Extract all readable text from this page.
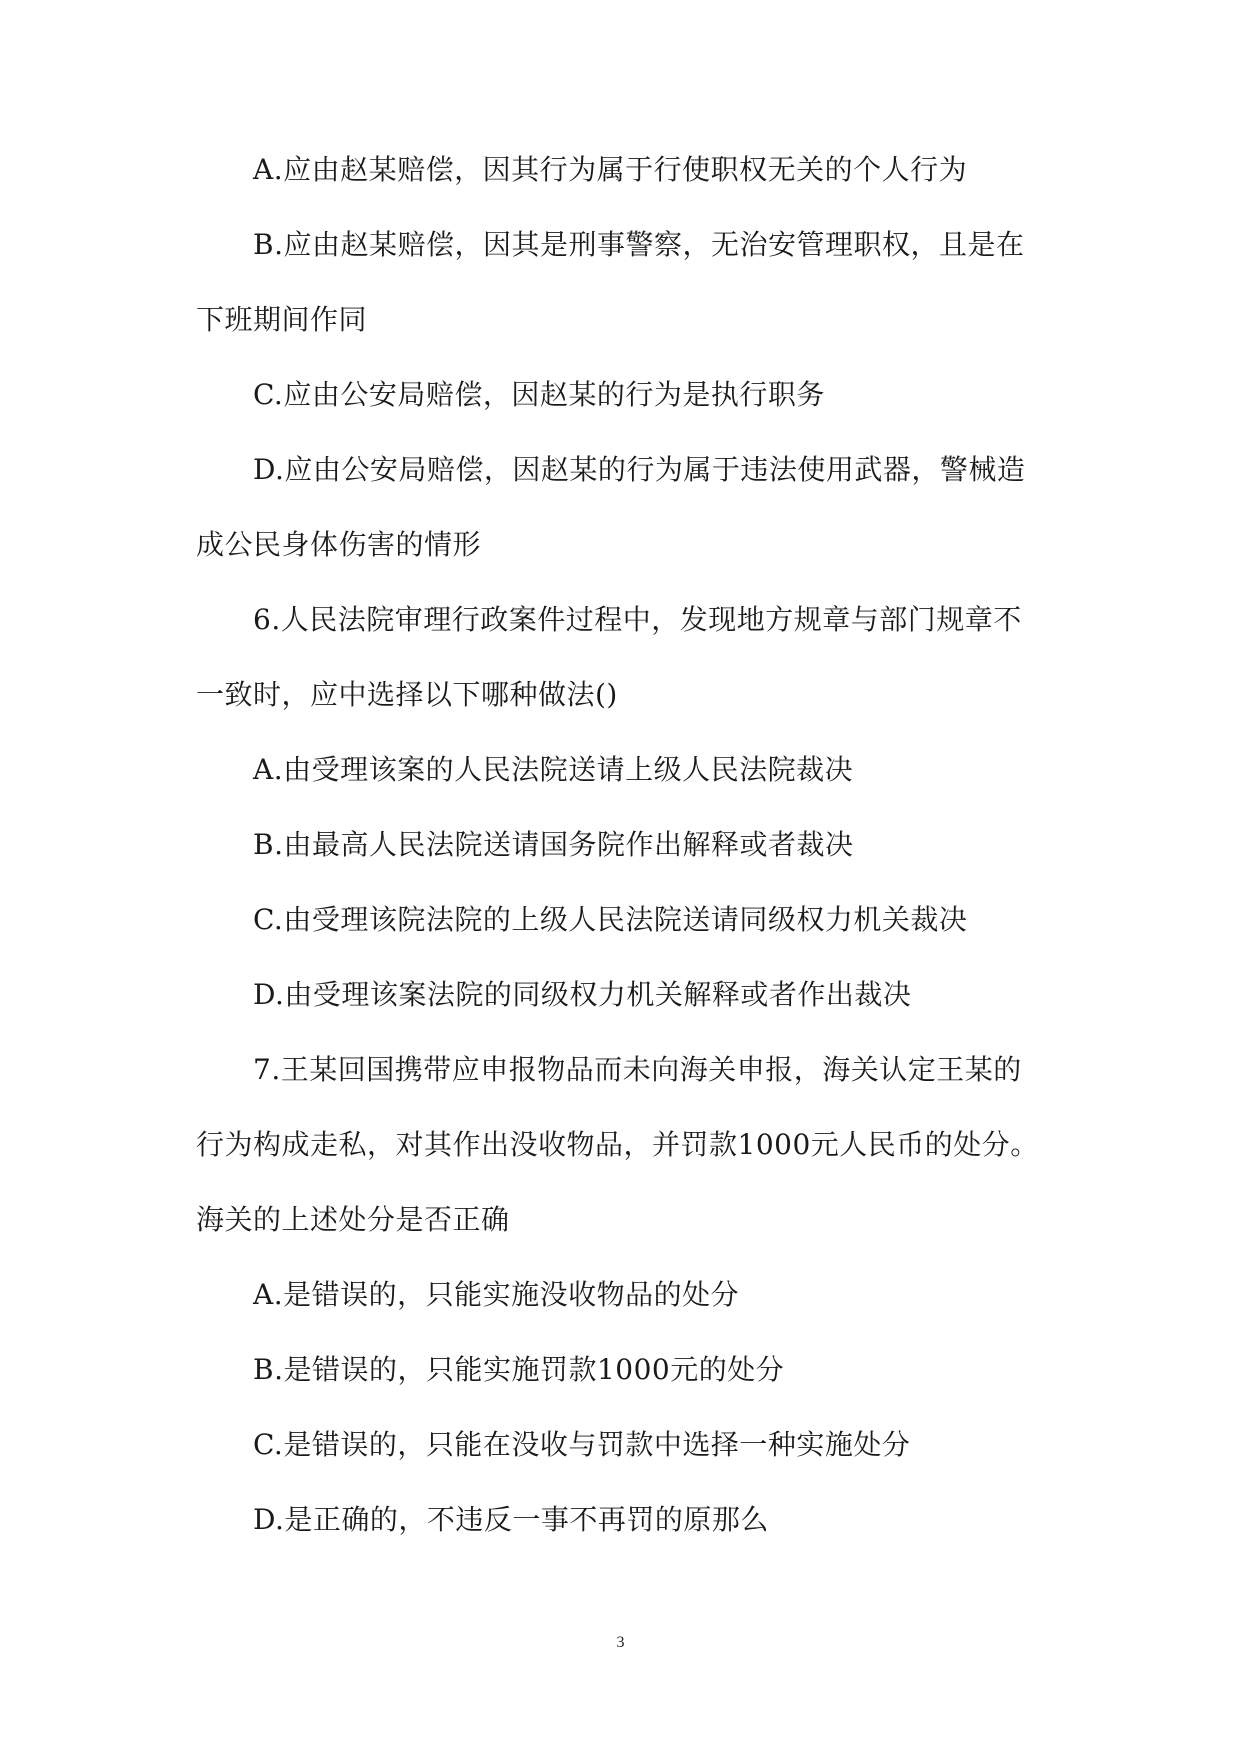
A.应由赵某赔偿，因其行为属于行使职权无关的个人行为
B.应由赵某赔偿，因其是刑事警察，无治安管理职权，且是在
下班期间作同
C.应由公安局赔偿，因赵某的行为是执行职务
D.应由公安局赔偿，因赵某的行为属于违法使用武器，警械造
成公民身体伤害的情形
6.人民法院审理行政案件过程中，发现地方规章与部门规章不
一致时，应中选择以下哪种做法()
A.由受理该案的人民法院送请上级人民法院裁决
B.由最高人民法院送请国务院作出解释或者裁决
C.由受理该院法院的上级人民法院送请同级权力机关裁决
D.由受理该案法院的同级权力机关解释或者作出裁决
7.王某回国携带应申报物品而未向海关申报，海关认定王某的
行为构成走私，对其作出没收物品，并罚款1000元人民币的处分。
海关的上述处分是否正确
A.是错误的，只能实施没收物品的处分
B.是错误的，只能实施罚款1000元的处分
C.是错误的，只能在没收与罚款中选择一种实施处分
D.是正确的，不违反一事不再罚的原那么
3
